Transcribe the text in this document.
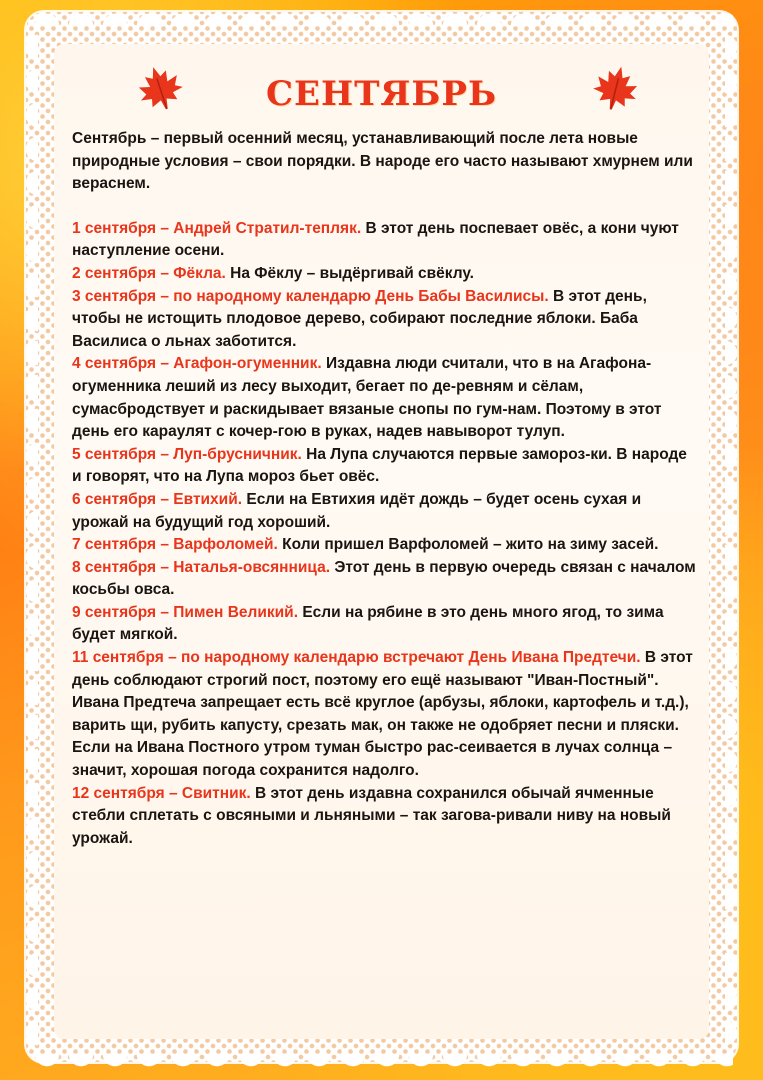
СЕНТЯБРЬ

Сентябрь – первый осенний месяц, устанавливающий после лета новые природные условия – свои порядки. В народе его часто называют хмурнем или вераснем.

1 сентября – Андрей Стратил-тепляк. В этот день поспевает овёс, а кони чуют наступление осени.

2 сентября – Фёкла. На Фёклу – выдёргивай свёклу.

3 сентября – по народному календарю День Бабы Василисы. В этот день, чтобы не истощить плодовое дерево, собирают последние яблоки. Баба Василиса о льнах заботится.

4 сентября – Агафон-огуменник. Издавна люди считали, что в на Агафона-огуменника леший из лесу выходит, бегает по де-ревням и сёлам, сумасбродствует и раскидывает вязаные снопы по гум-нам. Поэтому в этот день его караулят с кочер-гою в руках, надев навыворот тулуп.

5 сентября – Луп-брусничник. На Лупа случаются первые замороз-ки. В народе и говорят, что на Лупа мороз бьет овёс.

6 сентября – Евтихий. Если на Евтихия идёт дождь – будет осень сухая и урожай на будущий год хороший.

7 сентября – Варфоломей. Коли пришел Варфоломей – жито на зиму засей.

8 сентября – Наталья-овсянница. Этот день в первую очередь связан с началом косьбы овса.

9 сентября – Пимен Великий. Если на рябине в это день много ягод, то зима будет мягкой.

11 сентября – по народному календарю встречают День Ивана Предтечи. В этот день соблюдают строгий пост, поэтому его ещё называют "Иван-Постный". Ивана Предтеча запрещает есть всё круглое (арбузы, яблоки, картофель и т.д.), варить щи, рубить капусту, срезать мак, он также не одобряет песни и пляски. Если на Ивана Постного утром туман быстро рас-сеивается в лучах солнца – значит, хорошая погода сохранится надолго.

12 сентября – Свитник. В этот день издавна сохранился обычай ячменные стебли сплетать с овсяными и льняными – так загова-ривали ниву на новый урожай.
